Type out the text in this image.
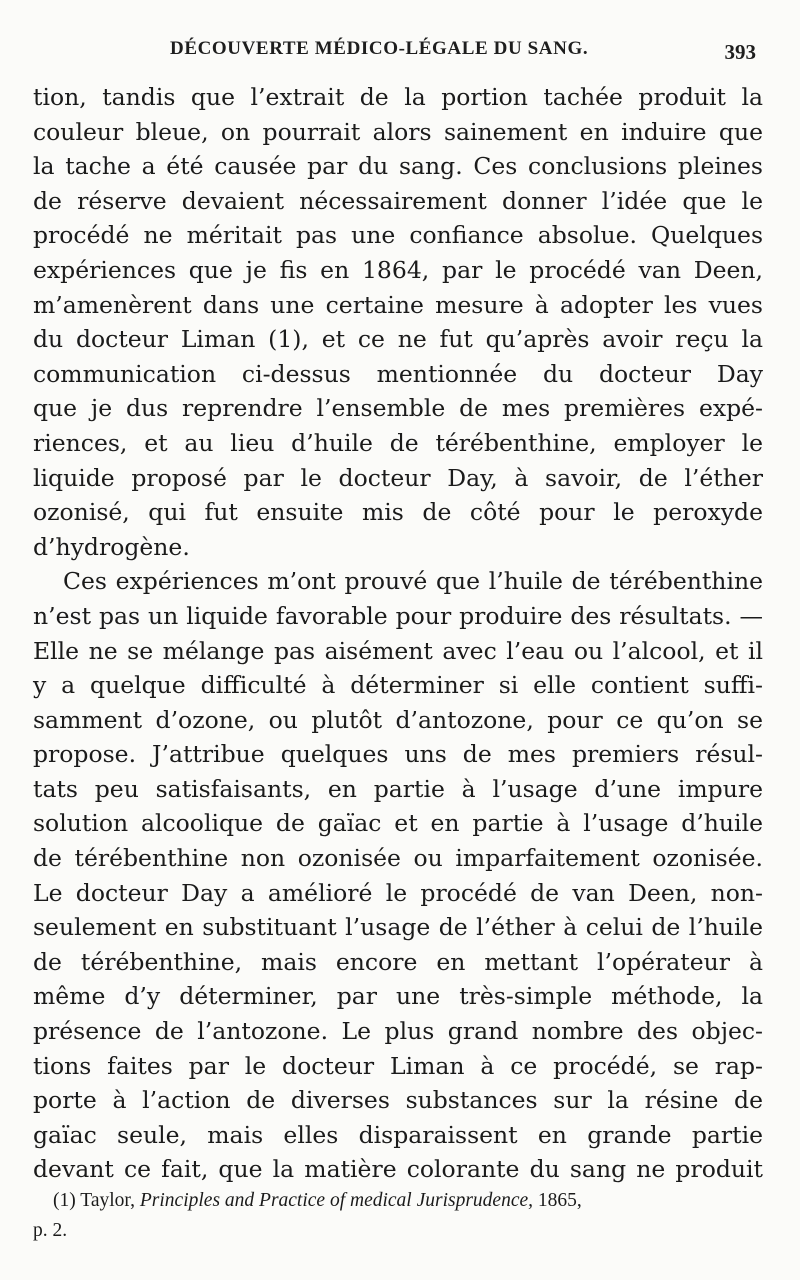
DÉCOUVERTE MÉDICO-LÉGALE DU SANG.	393
tion, tandis que l’extrait de la portion tachée produit la
couleur bleue, on pourrait alors sainement en induire que
la tache a été causée par du sang. Ces conclusions pleines
de réserve devaient nécessairement donner l’idée que le
procédé ne méritait pas une confiance absolue. Quelques
expériences que je fis en 1864, par le procédé van Deen,
m’amenèrent dans une certaine mesure à adopter les vues
du docteur Liman (1), et ce ne fut qu’après avoir reçu la
communication ci-dessus mentionnée du docteur Day
que je dus reprendre l’ensemble de mes premières expé-
riences, et au lieu d’huile de térébenthine, employer le
liquide proposé par le docteur Day, à savoir, de l’éther
ozonisé, qui fut ensuite mis de côté pour le peroxyde
d’hydrogène.
Ces expériences m’ont prouvé que l’huile de térébenthine
n’est pas un liquide favorable pour produire des résultats. —
Elle ne se mélange pas aisément avec l’eau ou l’alcool, et il
y a quelque difficulté à déterminer si elle contient suffi-
samment d’ozone, ou plutôt d’antozone, pour ce qu’on se
propose. J’attribue quelques uns de mes premiers résul-
tats peu satisfaisants, en partie à l’usage d’une impure
solution alcoolique de gaïac et en partie à l’usage d’huile
de térébenthine non ozonisée ou imparfaitement ozonisée.
Le docteur Day a amélioré le procédé de van Deen, non-
seulement en substituant l’usage de l’éther à celui de l’huile
de térébenthine, mais encore en mettant l’opérateur à
même d’y déterminer, par une très-simple méthode, la
présence de l’antozone. Le plus grand nombre des objec-
tions faites par le docteur Liman à ce procédé, se rap-
porte à l’action de diverses substances sur la résine de
gaïac seule, mais elles disparaissent en grande partie
devant ce fait, que la matière colorante du sang ne produit
(1) Taylor, Principles and Practice of medical Jurisprudence, 1865,
p. 2.
